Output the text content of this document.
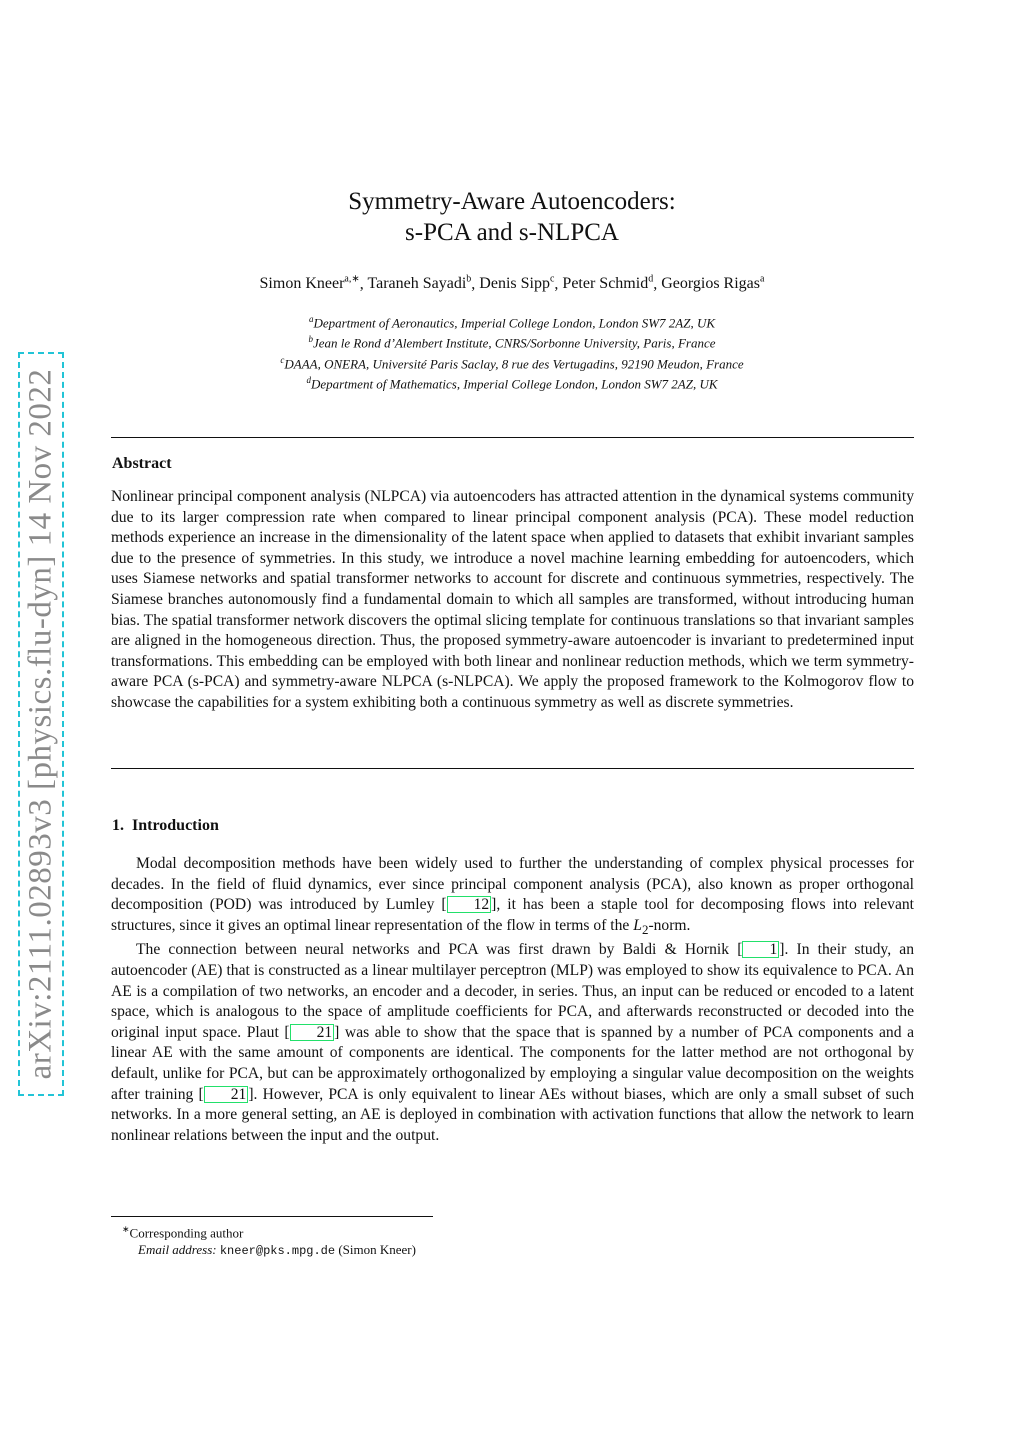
arXiv:2111.02893v3 [physics.flu-dyn] 14 Nov 2022
Symmetry-Aware Autoencoders:
s-PCA and s-NLPCA
Simon Kneer$^{a,∗}$, Taraneh Sayadi$^b$, Denis Sipp$^c$, Peter Schmid$^d$, Georgios Rigas$^a$
$^a$Department of Aeronautics, Imperial College London, London SW7 2AZ, UK
$^b$Jean le Rond d’Alembert Institute, CNRS/Sorbonne University, Paris, France
$^c$DAAA, ONERA, Université Paris Saclay, 8 rue des Vertugadins, 92190 Meudon, France
$^d$Department of Mathematics, Imperial College London, London SW7 2AZ, UK
Abstract
Nonlinear principal component analysis (NLPCA) via autoencoders has attracted attention in the dynamical systems community due to its larger compression rate when compared to linear principal component analysis (PCA). These model reduction methods experience an increase in the dimensionality of the latent space when applied to datasets that exhibit invariant samples due to the presence of symmetries. In this study, we introduce a novel machine learning embedding for autoencoders, which uses Siamese networks and spatial transformer networks to account for discrete and continuous symmetries, respectively. The Siamese branches autonomously find a fundamental domain to which all samples are transformed, without introducing human bias. The spatial transformer network discovers the optimal slicing template for continuous translations so that invariant samples are aligned in the homogeneous direction. Thus, the proposed symmetry-aware autoencoder is invariant to predetermined input transformations. This embedding can be employed with both linear and nonlinear reduction methods, which we term symmetry-aware PCA (s-PCA) and symmetry-aware NLPCA (s-NLPCA). We apply the proposed framework to the Kolmogorov flow to showcase the capabilities for a system exhibiting both a continuous symmetry as well as discrete symmetries.
1. Introduction

Modal decomposition methods have been widely used to further the understanding of complex physical processes for decades. In the field of fluid dynamics, ever since principal component analysis (PCA), also known as proper orthogonal decomposition (POD) was introduced by Lumley [ 12 ], it has been a staple tool for decomposing flows into relevant structures, since it gives an optimal linear representation of the flow in terms of the $L_2$-norm.

The connection between neural networks and PCA was first drawn by Baldi & Hornik [ 1 ]. In their study, an autoencoder (AE) that is constructed as a linear multilayer perceptron (MLP) was employed to show its equivalence to PCA. An AE is a compilation of two networks, an encoder and a decoder, in series. Thus, an input can be reduced or encoded to a latent space, which is analogous to the space of amplitude coefficients for PCA, and afterwards reconstructed or decoded into the original input space. Plaut [ 21 ] was able to show that the space that is spanned by a number of PCA components and a linear AE with the same amount of components are identical. The components for the latter method are not orthogonal by default, unlike for PCA, but can be approximately orthogonalized by employing a singular value decomposition on the weights after training [ 21 ]. However, PCA is only equivalent to linear AEs without biases, which are only a small subset of such networks. In a more general setting, an AE is deployed in combination with activation functions that allow the network to learn nonlinear relations between the input and the output.

∗Corresponding author
Email address: kneer@pks.mpg.de (Simon Kneer)
